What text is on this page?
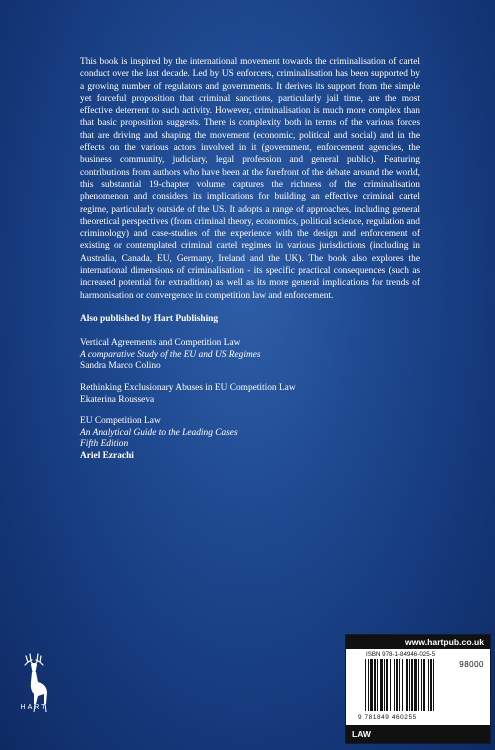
This book is inspired by the international movement towards the criminalisation of cartel conduct over the last decade. Led by US enforcers, criminalisation has been supported by a growing number of regulators and governments. It derives its support from the simple yet forceful proposition that criminal sanctions, particularly jail time, are the most effective deterrent to such activity. However, criminalisation is much more complex than that basic proposition suggests. There is complexity both in terms of the various forces that are driving and shaping the movement (economic, political and social) and in the effects on the various actors involved in it (government, enforcement agencies, the business community, judiciary, legal profession and general public). Featuring contributions from authors who have been at the forefront of the debate around the world, this substantial 19-chapter volume captures the richness of the criminalisation phenomenon and considers its implications for building an effective criminal cartel regime, particularly outside of the US. It adopts a range of approaches, including general theoretical perspectives (from criminal theory, economics, political science, regulation and criminology) and case-studies of the experience with the design and enforcement of existing or contemplated criminal cartel regimes in various jurisdictions (including in Australia, Canada, EU, Germany, Ireland and the UK). The book also explores the international dimensions of criminalisation - its specific practical consequences (such as increased potential for extradition) as well as its more general implications for trends of harmonisation or convergence in competition law and enforcement.
Also published by Hart Publishing
Vertical Agreements and Competition Law
A comparative Study of the EU and US Regimes
Sandra Marco Colino
Rethinking Exclusionary Abuses in EU Competition Law
Ekaterina Rousseva
EU Competition Law
An Analytical Guide to the Leading Cases
Fifth Edition
Ariel Ezrachi
HART
www.hartpub.co.uk
ISBN 978-1-84946-025-5
98000
9 781849 460255
LAW
